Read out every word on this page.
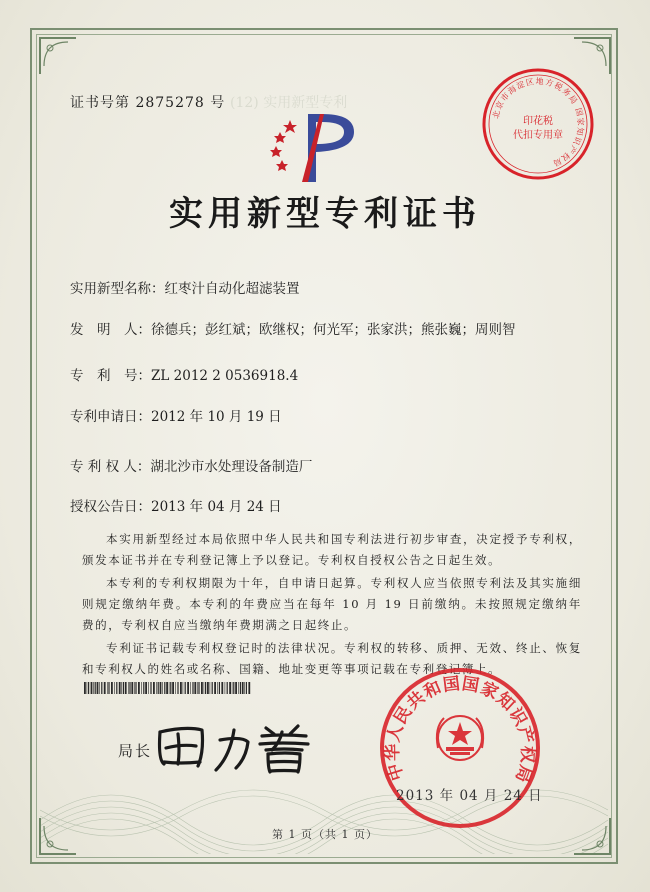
(12) 实用新型专利
证书号第 2875278 号
实用新型专利证书
实用新型名称：红枣汁自动化超滤装置
发　明　人：徐德兵；彭红斌；欧继权；何光军；张家洪；熊张巍；周则智
专　利　号：ZL 2012 2 0536918.4
专利申请日：2012 年 10 月 19 日
专 利 权 人：湖北沙市水处理设备制造厂
授权公告日：2013 年 04 月 24 日
本实用新型经过本局依照中华人民共和国专利法进行初步审查，决定授予专利权，颁发本证书并在专利登记簿上予以登记。专利权自授权公告之日起生效。
本专利的专利权期限为十年，自申请日起算。专利权人应当依照专利法及其实施细则规定缴纳年费。本专利的年费应当在每年 10 月 19 日前缴纳。未按照规定缴纳年费的，专利权自应当缴纳年费期满之日起终止。
专利证书记载专利权登记时的法律状况。专利权的转移、质押、无效、终止、恢复和专利权人的姓名或名称、国籍、地址变更等事项记载在专利登记簿上。
局长
北京市海淀区地方税务局 国家知识产权局
印花税
代扣专用章
中华人民共和国国家知识产权局
2013 年 04 月 24 日
第 1 页（共 1 页）
